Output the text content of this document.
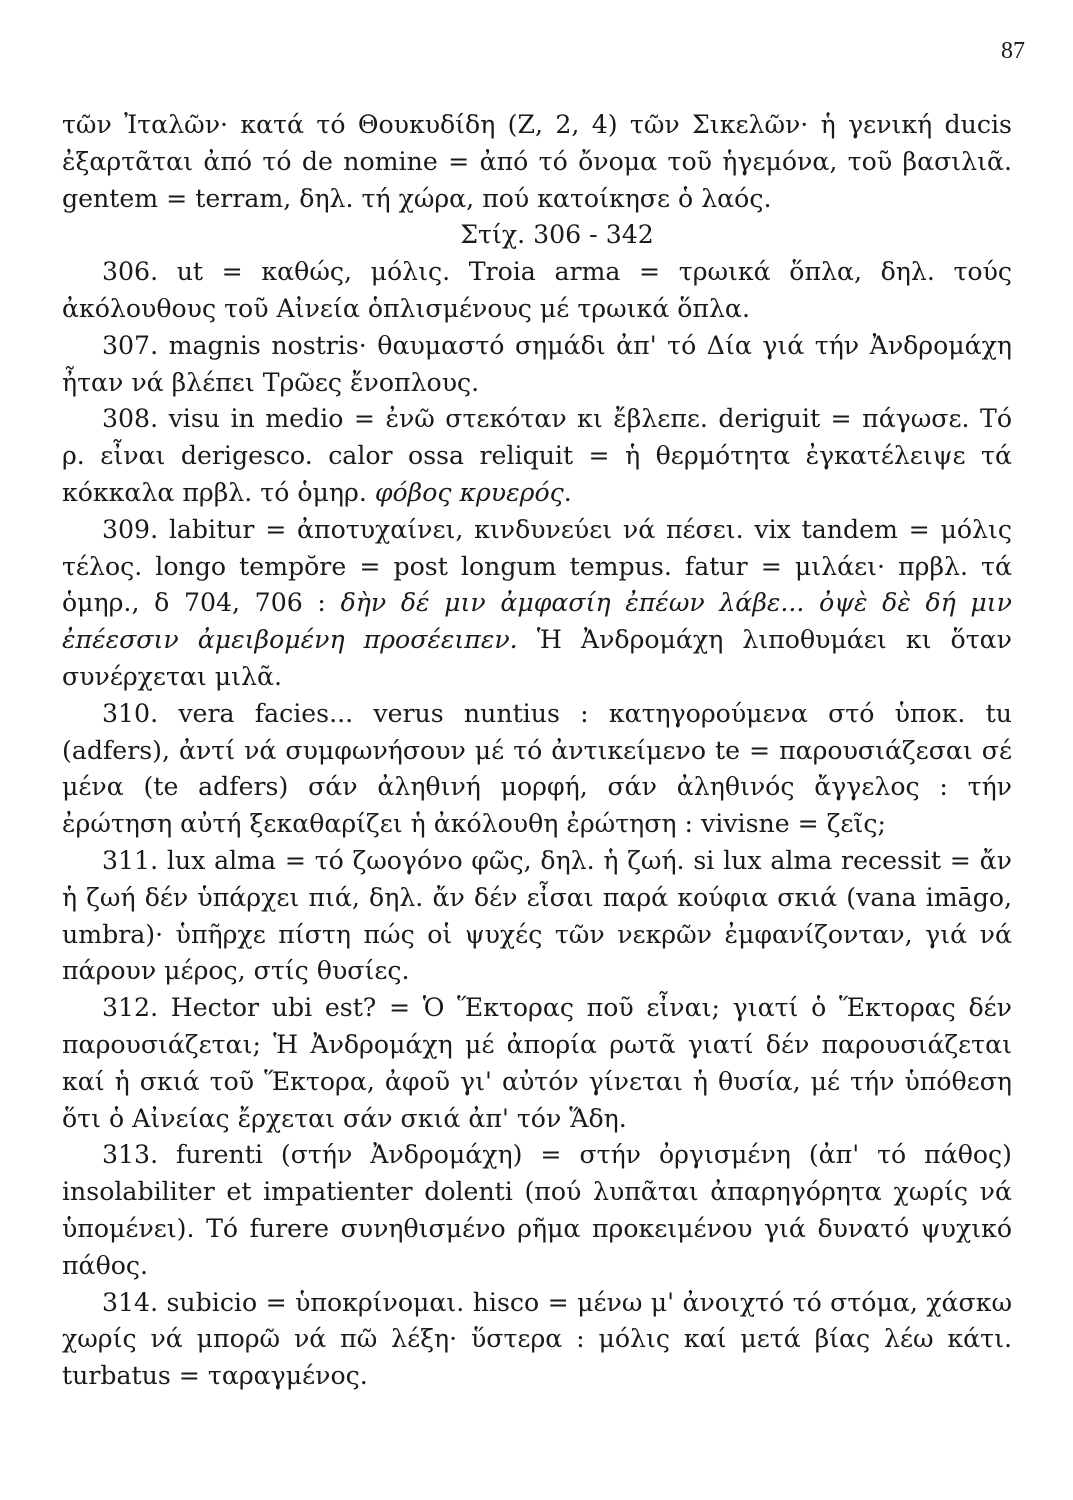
87

τῶν Ἰταλῶν· κατά τό Θουκυδίδη (Ζ, 2, 4) τῶν Σικελῶν· ἡ γενική ducis ἐξαρτᾶται ἀπό τό de nomine = ἀπό τό ὄνομα τοῦ ἡγεμόνα, τοῦ βασιλιᾶ. gentem = terram, δηλ. τή χώρα, πού κατοίκησε ὁ λαός.

Στίχ. 306 - 342

306. ut = καθώς, μόλις. Troia arma = τρωικά ὅπλα, δηλ. τούς ἀκόλουθους τοῦ Αἰνεία ὁπλισμένους μέ τρωικά ὅπλα.

307. magnis nostris· θαυμαστό σημάδι ἀπ' τό Δία γιά τήν Ἀνδρομάχη ἦταν νά βλέπει Τρῶες ἔνοπλους.

308. visu in medio = ἐνῶ στεκόταν κι ἔβλεπε. deriguit = πάγωσε. Τό ρ. εἶναι derigesco. calor ossa reliquit = ἡ θερμότητα ἐγκατέλειψε τά κόκκαλα πρβλ. τό ὁμηρ. φόβος κρυερός.

309. labitur = ἀποτυχαίνει, κινδυνεύει νά πέσει. vix tandem = μόλις τέλος. longo tempŏre = post longum tempus. fatur = μιλάει· πρβλ. τά ὁμηρ., δ 704, 706 : δὴν δέ μιν ἀμφασίη ἐπέων λάβε... ὀψὲ δὲ δή μιν ἐπέεσσιν ἀμειβομένη προσέειπεν. Ἡ Ἀνδρομάχη λιποθυμάει κι ὅταν συνέρχεται μιλᾶ.

310. vera facies... verus nuntius : κατηγορούμενα στό ὑποκ. tu (adfers), ἀντί νά συμφωνήσουν μέ τό ἀντικείμενο te = παρουσιάζεσαι σέ μένα (te adfers) σάν ἀληθινή μορφή, σάν ἀληθινός ἄγγελος : τήν ἐρώτηση αὐτή ξεκαθαρίζει ἡ ἀκόλουθη ἐρώτηση : vivisne = ζεῖς;

311. lux alma = τό ζωογόνο φῶς, δηλ. ἡ ζωή. si lux alma recessit = ἄν ἡ ζωή δέν ὑπάρχει πιά, δηλ. ἄν δέν εἶσαι παρά κούφια σκιά (vana imāgo, umbra)· ὑπῆρχε πίστη πώς οἱ ψυχές τῶν νεκρῶν ἐμφανίζονταν, γιά νά πάρουν μέρος, στίς θυσίες.

312. Hector ubi est? = Ὁ Ἕκτορας ποῦ εἶναι; γιατί ὁ Ἕκτορας δέν παρουσιάζεται; Ἡ Ἀνδρομάχη μέ ἀπορία ρωτᾶ γιατί δέν παρουσιάζεται καί ἡ σκιά τοῦ Ἕκτορα, ἀφοῦ γι' αὐτόν γίνεται ἡ θυσία, μέ τήν ὑπόθεση ὅτι ὁ Αἰνείας ἔρχεται σάν σκιά ἀπ' τόν Ἅδη.

313. furenti (στήν Ἀνδρομάχη) = στήν ὀργισμένη (ἀπ' τό πάθος) insolabiliter et impatienter dolenti (πού λυπᾶται ἀπαρηγόρητα χωρίς νά ὑπομένει). Τό furere συνηθισμένο ρῆμα προκειμένου γιά δυνατό ψυχικό πάθος.

314. subicio = ὑποκρίνομαι. hisco = μένω μ' ἀνοιχτό τό στόμα, χάσκω χωρίς νά μπορῶ νά πῶ λέξη· ὕστερα : μόλις καί μετά βίας λέω κάτι. turbatus = ταραγμένος.
